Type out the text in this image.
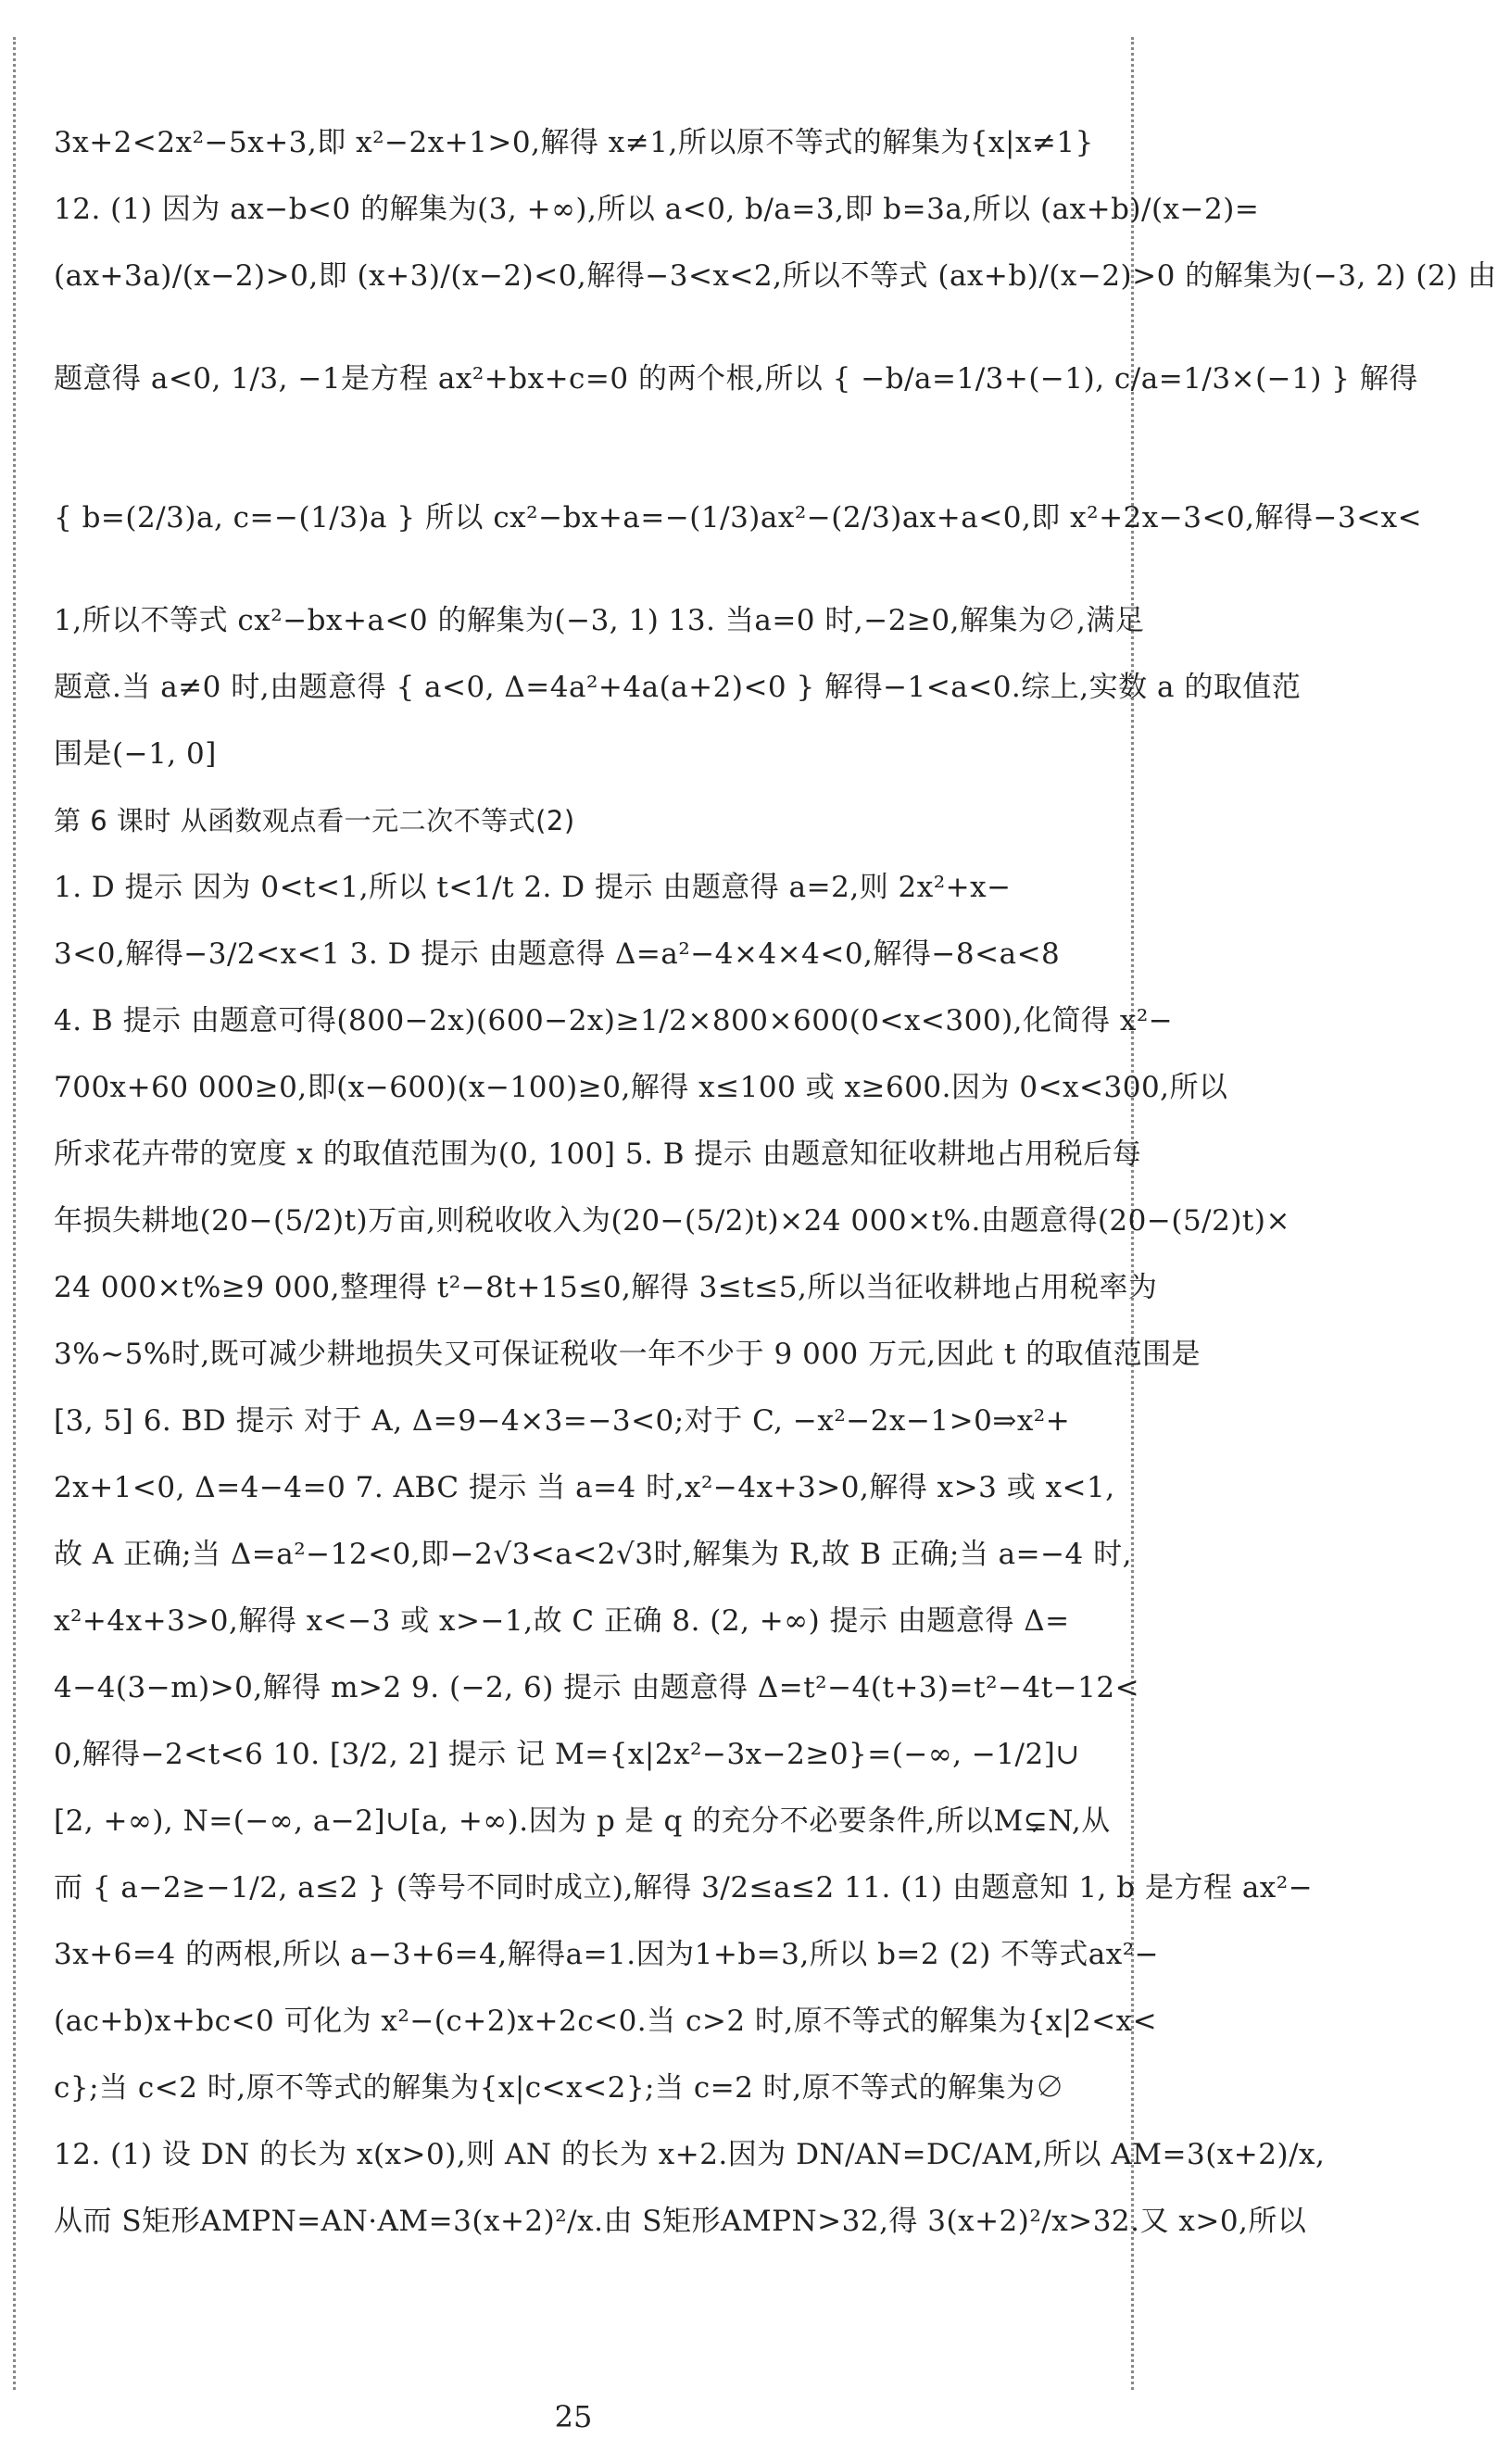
3x+2<2x²−5x+3,即 x²−2x+1>0,解得 x≠1,所以原不等式的解集为{x|x≠1}
12. (1) 因为 ax−b<0 的解集为(3, +∞),所以 a<0, b/a=3,即 b=3a,所以 (ax+b)/(x−2)=
(ax+3a)/(x−2)>0,即 (x+3)/(x−2)<0,解得−3<x<2,所以不等式 (ax+b)/(x−2)>0 的解集为(−3, 2) (2) 由
题意得 a<0, 1/3, −1是方程 ax²+bx+c=0 的两个根,所以 { −b/a=1/3+(−1), c/a=1/3×(−1) } 解得
{ b=(2/3)a, c=−(1/3)a } 所以 cx²−bx+a=−(1/3)ax²−(2/3)ax+a<0,即 x²+2x−3<0,解得−3<x<
1,所以不等式 cx²−bx+a<0 的解集为(−3, 1) 13. 当a=0 时,−2≥0,解集为∅,满足
题意.当 a≠0 时,由题意得 { a<0, Δ=4a²+4a(a+2)<0 } 解得−1<a<0.综上,实数 a 的取值范
围是(−1, 0]
第 6 课时 从函数观点看一元二次不等式(2)
1. D 提示 因为 0<t<1,所以 t<1/t 2. D 提示 由题意得 a=2,则 2x²+x−
3<0,解得−3/2<x<1 3. D 提示 由题意得 Δ=a²−4×4×4<0,解得−8<a<8
4. B 提示 由题意可得(800−2x)(600−2x)≥1/2×800×600(0<x<300),化简得 x²−
700x+60 000≥0,即(x−600)(x−100)≥0,解得 x≤100 或 x≥600.因为 0<x<300,所以
所求花卉带的宽度 x 的取值范围为(0, 100] 5. B 提示 由题意知征收耕地占用税后每
年损失耕地(20−(5/2)t)万亩,则税收收入为(20−(5/2)t)×24 000×t%.由题意得(20−(5/2)t)×
24 000×t%≥9 000,整理得 t²−8t+15≤0,解得 3≤t≤5,所以当征收耕地占用税率为
3%~5%时,既可减少耕地损失又可保证税收一年不少于 9 000 万元,因此 t 的取值范围是
[3, 5] 6. BD 提示 对于 A, Δ=9−4×3=−3<0;对于 C, −x²−2x−1>0⇒x²+
2x+1<0, Δ=4−4=0 7. ABC 提示 当 a=4 时,x²−4x+3>0,解得 x>3 或 x<1,
故 A 正确;当 Δ=a²−12<0,即−2√3<a<2√3时,解集为 R,故 B 正确;当 a=−4 时,
x²+4x+3>0,解得 x<−3 或 x>−1,故 C 正确 8. (2, +∞) 提示 由题意得 Δ=
4−4(3−m)>0,解得 m>2 9. (−2, 6) 提示 由题意得 Δ=t²−4(t+3)=t²−4t−12<
0,解得−2<t<6 10. [3/2, 2] 提示 记 M={x|2x²−3x−2≥0}=(−∞, −1/2]∪
[2, +∞), N=(−∞, a−2]∪[a, +∞).因为 p 是 q 的充分不必要条件,所以M⊊N,从
而 { a−2≥−1/2, a≤2 } (等号不同时成立),解得 3/2≤a≤2 11. (1) 由题意知 1, b 是方程 ax²−
3x+6=4 的两根,所以 a−3+6=4,解得a=1.因为1+b=3,所以 b=2 (2) 不等式ax²−
(ac+b)x+bc<0 可化为 x²−(c+2)x+2c<0.当 c>2 时,原不等式的解集为{x|2<x<
c};当 c<2 时,原不等式的解集为{x|c<x<2};当 c=2 时,原不等式的解集为∅
12. (1) 设 DN 的长为 x(x>0),则 AN 的长为 x+2.因为 DN/AN=DC/AM,所以 AM=3(x+2)/x,
从而 S矩形AMPN=AN·AM=3(x+2)²/x.由 S矩形AMPN>32,得 3(x+2)²/x>32.又 x>0,所以
25
